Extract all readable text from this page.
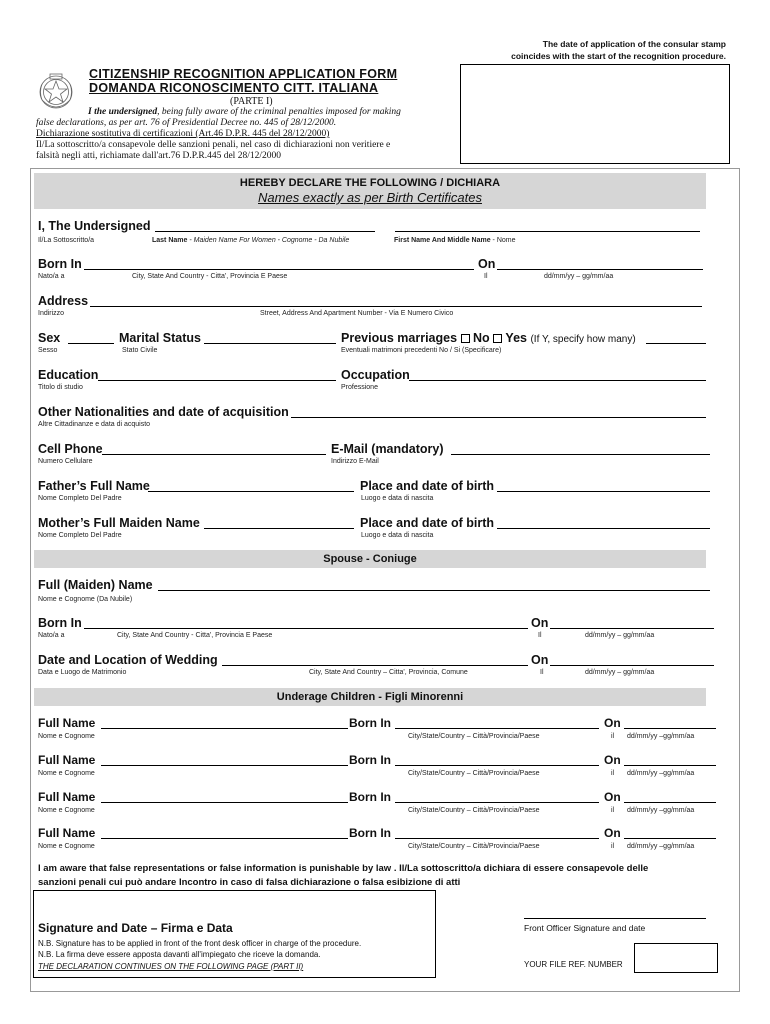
The date of application of the consular stamp
coincides with the start of the recognition procedure.
CITIZENSHIP RECOGNITION APPLICATION FORM
DOMANDA RICONOSCIMENTO CITT. ITALIANA
(PARTE I)
I the undersigned, being fully aware of the criminal penalties imposed for making
false declarations, as per art. 76 of Presidential Decree no. 445 of 28/12/2000.
Dichiarazione sostitutiva di certificazioni (Art.46 D.P.R. 445 del 28/12/2000)
Il/La sottoscritto/a consapevole delle sanzioni penali, nel caso di dichiarazioni non veritiere e
falsità negli atti, richiamate dall'art.76 D.P.R.445 del 28/12/2000
HEREBY DECLARE THE FOLLOWING / DICHIARA
Names exactly as per Birth Certificates
I, The Undersigned
Il/La Sottoscritto/a	Last Name - Maiden Name For Women - Cognome - Da Nubile	First Name And Middle Name - Nome
Born In	On
Nato/a a	City, State And Country - Citta', Provincia E Paese	Il	dd/mm/yy – gg/mm/aa
Address
Indirizzo	Street, Address And Apartment Number - Via E Numero Civico
Sex	Marital Status	Previous marriages No Yes (If Y, specify how many)
Sesso	Stato Civile	Eventuali matrimoni precedenti No / Si (Specificare)
Education	Occupation
Titolo di studio	Professione
Other Nationalities and date of acquisition
Altre Cittadinanze e data di acquisto
Cell Phone	E-Mail (mandatory)
Numero Cellulare	Indirizzo E-Mail
Father’s Full Name	Place and date of birth
Nome Completo Del Padre	Luogo e data di nascita
Mother’s Full Maiden Name	Place and date of birth
Nome Completo Del Padre	Luogo e data di nascita
Spouse - Coniuge
Full (Maiden) Name
Nome e Cognome (Da Nubile)
Born In	On
Nato/a a	City, State And Country - Citta', Provincia E Paese	Il	dd/mm/yy – gg/mm/aa
Date and Location of Wedding	On
Data e Luogo de Matrimonio	City, State And Country – Citta', Provincia, Comune	Il	dd/mm/yy – gg/mm/aa
Underage Children - Figli Minorenni
Full Name	Born In	On
Nome e Cognome	City/State/Country – Città/Provincia/Paese	il dd/mm/yy –gg/mm/aa
Full Name	Born In	On
Nome e Cognome	City/State/Country – Città/Provincia/Paese	il dd/mm/yy –gg/mm/aa
Full Name	Born In	On
Nome e Cognome	City/State/Country – Città/Provincia/Paese	il dd/mm/yy –gg/mm/aa
Full Name	Born In	On
Nome e Cognome	City/State/Country – Città/Provincia/Paese	il dd/mm/yy –gg/mm/aa
I am aware that false representations or false information is punishable by law . Il/La sottoscritto/a dichiara di essere consapevole delle
sanzioni penali cui può andare Incontro in caso di falsa dichiarazione o falsa esibizione di atti
Signature and Date – Firma e Data
N.B. Signature has to be applied in front of the front desk officer in charge of the procedure.
N.B. La firma deve essere apposta davanti all'impiegato che riceve la domanda.
THE DECLARATION CONTINUES ON THE FOLLOWING PAGE (PART II)
Front Officer Signature and date
YOUR FILE REF. NUMBER
